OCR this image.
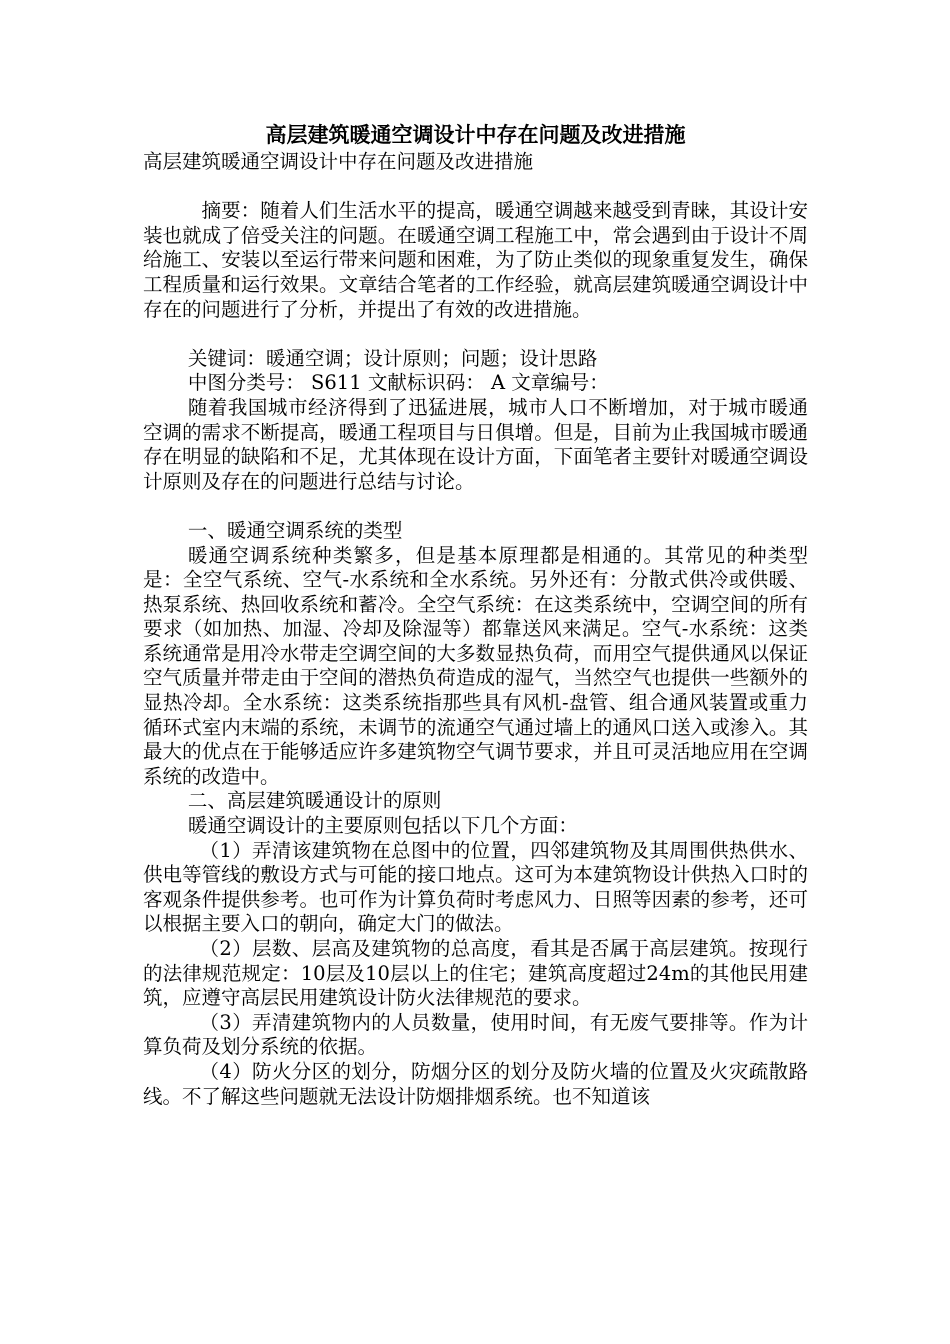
高层建筑暖通空调设计中存在问题及改进措施

高层建筑暖通空调设计中存在问题及改进措施

摘要：随着人们生活水平的提高，暖通空调越来越受到青睐，其设计安装也就成了倍受关注的问题。在暖通空调工程施工中，常会遇到由于设计不周给施工、安装以至运行带来问题和困难，为了防止类似的现象重复发生，确保工程质量和运行效果。文章结合笔者的工作经验，就高层建筑暖通空调设计中存在的问题进行了分析，并提出了有效的改进措施。

关键词：暖通空调；设计原则；问题；设计思路

中图分类号： S611 文献标识码： A 文章编号：

随着我国城市经济得到了迅猛进展，城市人口不断增加，对于城市暖通空调的需求不断提高，暖通工程项目与日俱增。但是，目前为止我国城市暖通存在明显的缺陷和不足，尤其体现在设计方面，下面笔者主要针对暖通空调设计原则及存在的问题进行总结与讨论。

一、暖通空调系统的类型

暖通空调系统种类繁多，但是基本原理都是相通的。其常见的种类型是：全空气系统、空气-水系统和全水系统。另外还有：分散式供冷或供暖、热泵系统、热回收系统和蓄冷。全空气系统：在这类系统中，空调空间的所有要求（如加热、加湿、冷却及除湿等）都靠送风来满足。空气-水系统：这类系统通常是用冷水带走空调空间的大多数显热负荷，而用空气提供通风以保证空气质量并带走由于空间的潜热负荷造成的湿气，当然空气也提供一些额外的显热冷却。全水系统：这类系统指那些具有风机-盘管、组合通风装置或重力循环式室内末端的系统，未调节的流通空气通过墙上的通风口送入或渗入。其最大的优点在于能够适应许多建筑物空气调节要求，并且可灵活地应用在空调系统的改造中。

二、高层建筑暖通设计的原则

暖通空调设计的主要原则包括以下几个方面：

（1）弄清该建筑物在总图中的位置，四邻建筑物及其周围供热供水、供电等管线的敷设方式与可能的接口地点。这可为本建筑物设计供热入口时的客观条件提供参考。也可作为计算负荷时考虑风力、日照等因素的参考，还可以根据主要入口的朝向，确定大门的做法。

（2）层数、层高及建筑物的总高度，看其是否属于高层建筑。按现行的法律规范规定：10层及10层以上的住宅；建筑高度超过24m的其他民用建筑，应遵守高层民用建筑设计防火法律规范的要求。

（3）弄清建筑物内的人员数量，使用时间，有无废气要排等。作为计算负荷及划分系统的依据。

（4）防火分区的划分，防烟分区的划分及防火墙的位置及火灾疏散路线。不了解这些问题就无法设计防烟排烟系统。也不知道该
